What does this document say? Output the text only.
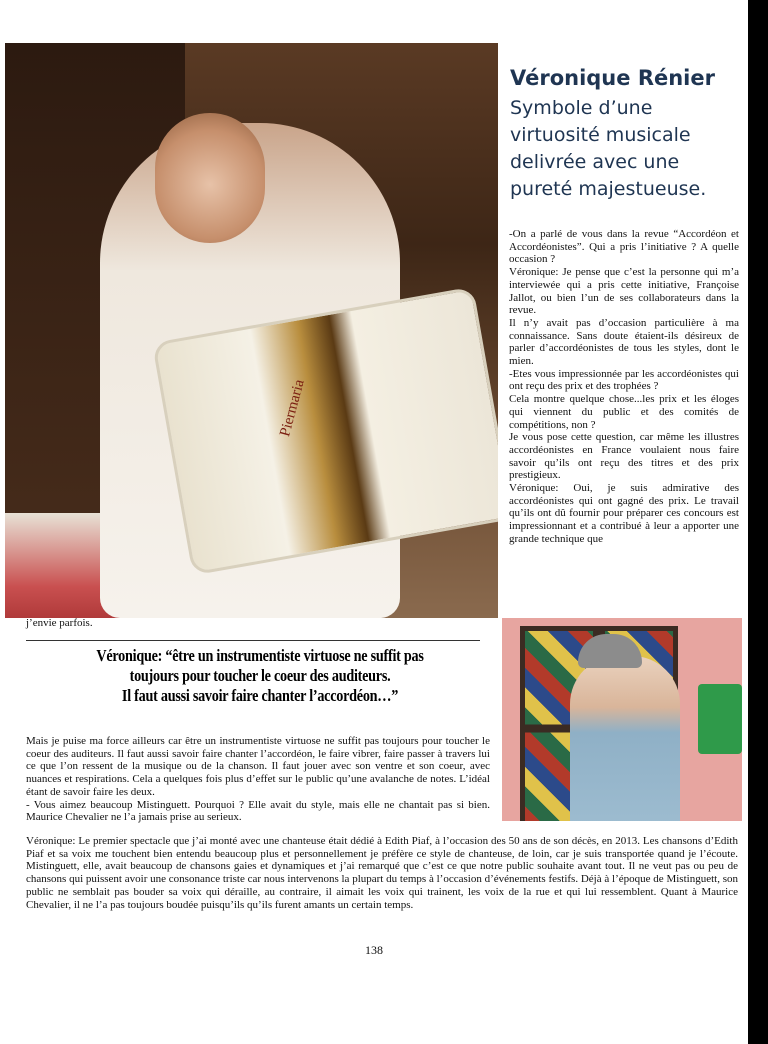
Piermaria
Véronique Rénier
Symbole d’une virtuosité musicale delivrée avec une pureté majestueuse.

-On a parlé de vous dans la revue “Accordéon et Accordéonistes”. Qui a pris l’initiative ? A quelle occasion ?

Véronique: Je pense que c’est la personne qui m’a interviewée qui a pris cette initiative, Françoise Jallot, ou bien l’un de ses collaborateurs dans la revue.

Il n’y avait pas d’occasion particulière à ma connaissance. Sans doute étaient-ils désireux de parler d’accordéonistes de tous les styles, dont le mien.

-Etes vous impressionnée par les accordéonistes qui ont reçu des prix et des trophées ?

Cela montre quelque chose...les prix et les éloges qui viennent du public et des comités de compétitions, non ?

Je vous pose cette question, car même les illustres accordéonistes en France voulaient nous faire savoir qu’ils ont reçu des titres et des prix prestigieux.

Véronique: Oui, je suis admirative des accordéonistes qui ont gagné des prix. Le travail qu’ils ont dû fournir pour préparer ces concours est impressionnant et a contribué à leur a apporter une grande technique que

j’envie parfois.
Véronique: “être un instrumentiste virtuose ne suffit pas
toujours pour toucher le coeur des auditeurs.
Il faut aussi savoir faire chanter l’accordéon…”

Mais je puise ma force ailleurs car être un instrumentiste virtuose ne suffit pas toujours pour toucher le coeur des auditeurs. Il faut aussi savoir faire chanter l’accordéon, le faire vibrer, faire passer à travers lui ce que l’on ressent de la musique ou de la chanson. Il faut jouer avec son ventre et son coeur, avec nuances et respirations. Cela a quelques fois plus d’effet sur le public qu’une avalanche de notes. L’idéal étant de savoir faire les deux.

- Vous aimez beaucoup Mistinguett. Pourquoi ? Elle avait du style, mais elle ne chantait pas si bien. Maurice Chevalier ne l’a jamais prise au serieux.

Véronique: Le premier spectacle que j’ai monté avec une chanteuse était dédié à Edith Piaf, à l’occasion des 50 ans de son décès, en 2013. Les chansons d’Edith Piaf et sa voix me touchent bien entendu beaucoup plus et personnellement je préfère ce style de chanteuse, de loin, car je suis transportée quand je l’écoute. Mistinguett, elle, avait beaucoup de chansons gaies et dynamiques et j’ai remarqué que c’est ce que notre public souhaite avant tout. Il ne veut pas ou peu de chansons qui puissent avoir une consonance triste car nous intervenons la plupart du temps à l’occasion d’événements festifs. Déjà à l’époque de Mistinguett, son public ne semblait pas bouder sa voix qui déraille, au contraire, il aimait les voix qui trainent, les voix de la rue et qui lui ressemblent. Quant à Maurice Chevalier, il ne l’a pas toujours boudée puisqu’ils qu’ils furent amants un certain temps.

138
